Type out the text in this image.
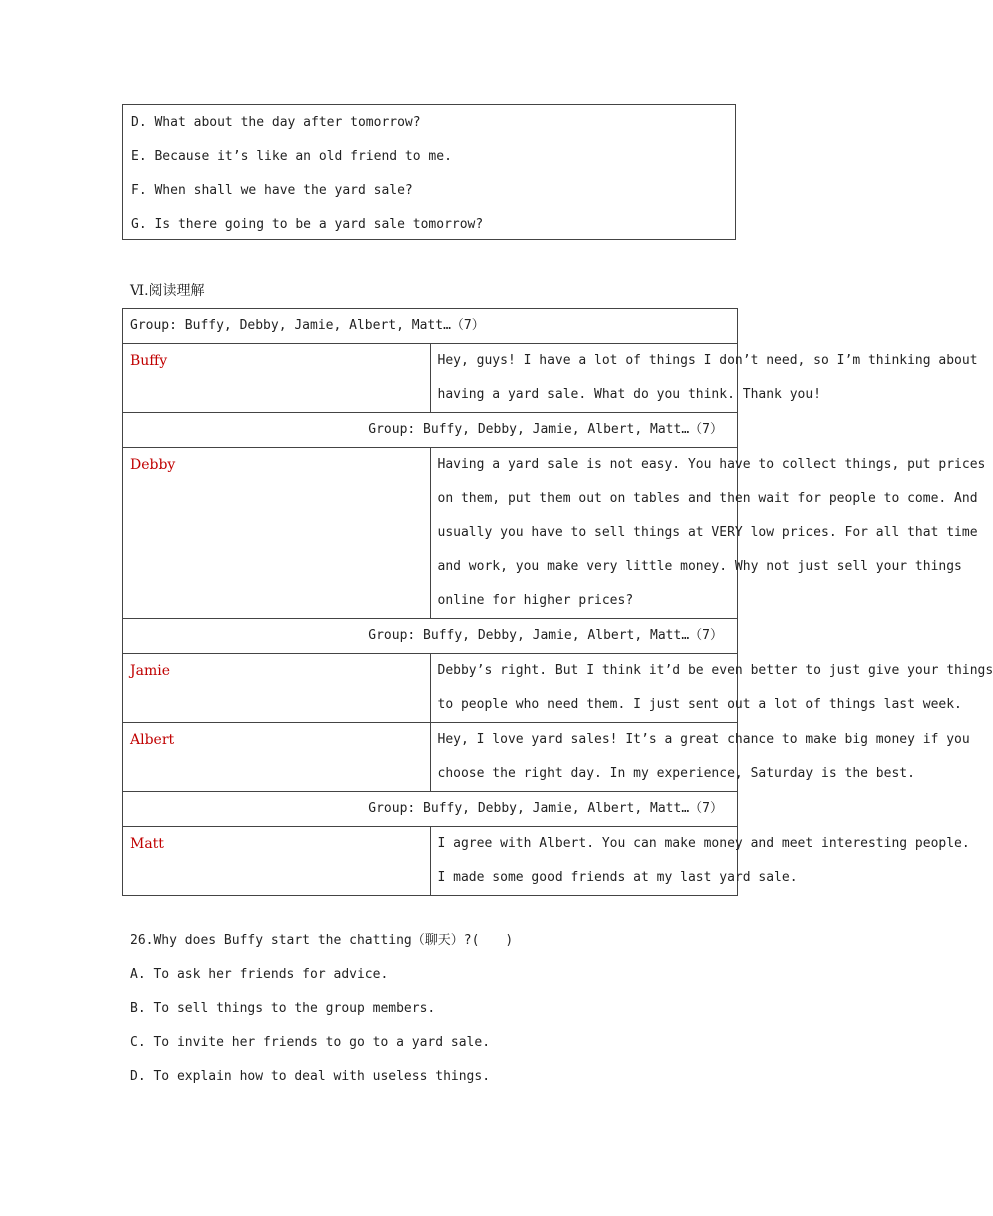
D. What about the day after tomorrow?
E. Because it’s like an old friend to me.
F. When shall we have the yard sale?
G. Is there going to be a yard sale tomorrow?
Ⅵ.阅读理解
Group: Buffy, Debby, Jamie, Albert, Matt…（7）	
Buffy	Hey, guys! I have a lot of things I don’t need, so I’m thinking about
having a yard sale. What do you think. Thank you!

Group: Buffy, Debby, Jamie, Albert, Matt…（7）	
Debby	Having a yard sale is not easy. You have to collect things, put prices
on them, put them out on tables and then wait for people to come. And
usually you have to sell things at VERY low prices. For all that time
and work, you make very little money. Why not just sell your things
online for higher prices?

Group: Buffy, Debby, Jamie, Albert, Matt…（7）	
Jamie	Debby’s right. But I think it’d be even better to just give your things
to people who need them. I just sent out a lot of things last week.

Albert	Hey, I love yard sales! It’s a great chance to make big money if you
choose the right day. In my experience, Saturday is the best.

Group: Buffy, Debby, Jamie, Albert, Matt…（7）	
Matt	I agree with Albert. You can make money and meet interesting people.
I made some good friends at my last yard sale.
26.Why does Buffy start the chatting（聊天）?(　　)
A. To ask her friends for advice.
B. To sell things to the group members.
C. To invite her friends to go to a yard sale.
D. To explain how to deal with useless things.
